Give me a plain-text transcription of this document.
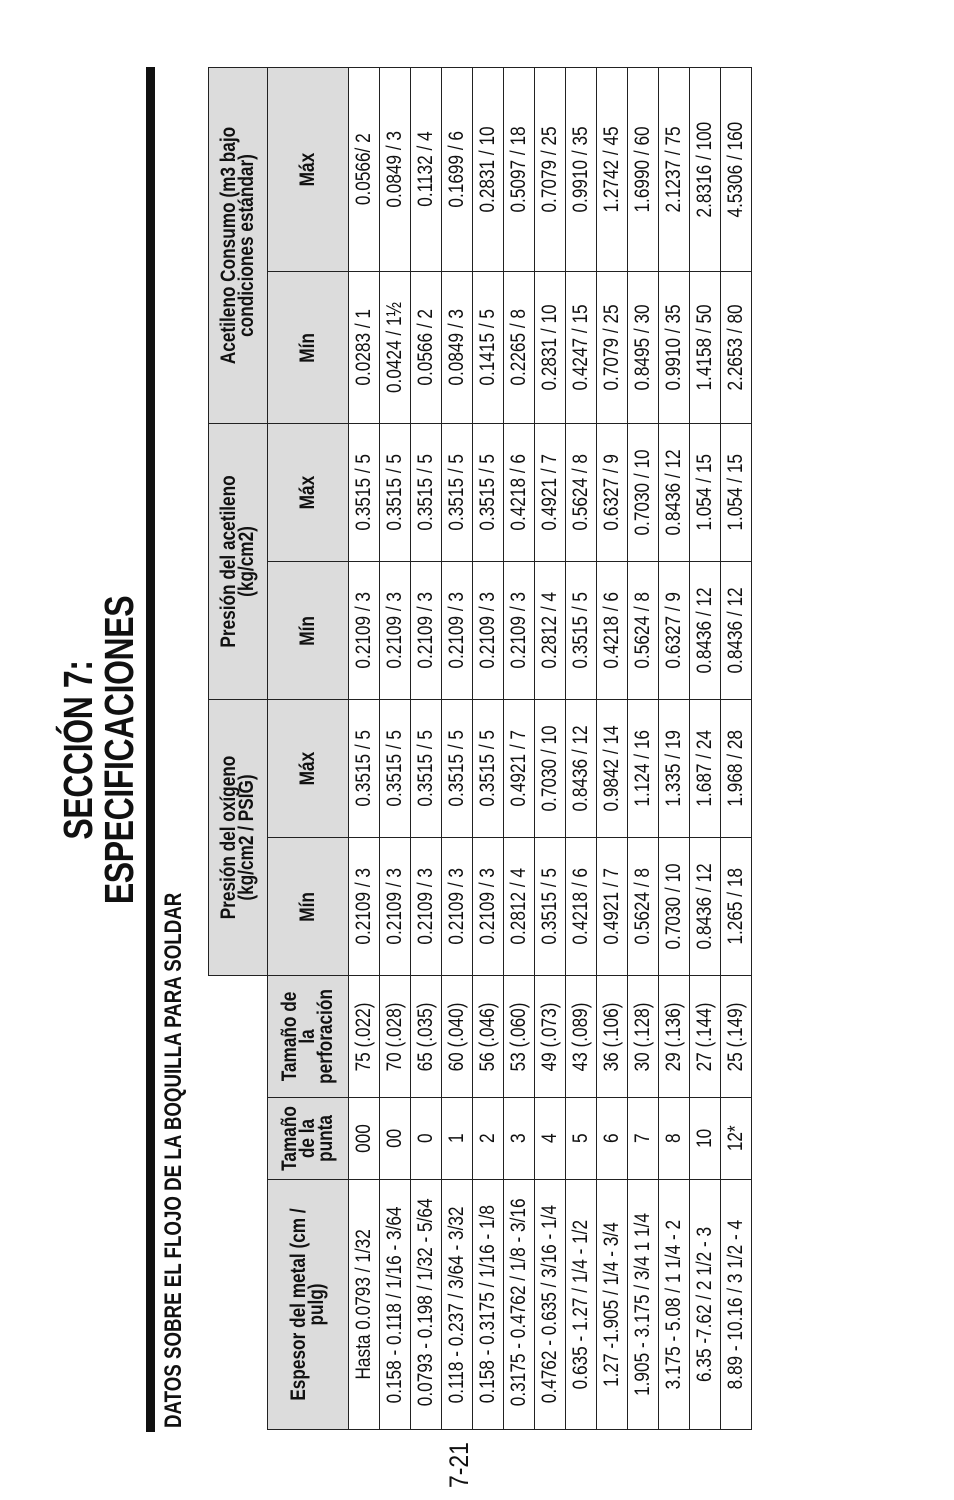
SECCIÓN 7:
ESPECIFICACIONES
DATOS SOBRE EL FLOJO DE LA BOQUILLA PARA SOLDAR
			Presión del oxígeno (kg/cm2 / PSIG)		Presión del acetileno (kg/cm2)		Acetileno Consumo (m3 bajo condiciones estándar)	
Espesor del metal (cm / pulg)	Tamaño de la punta	Tamaño de la perforación	Mín	Máx	Mín	Máx	Mín	Máx
Hasta 0.0793 / 1/32	000	75 (.022)	0.2109 / 3	0.3515 / 5	0.2109 / 3	0.3515 / 5	0.0283 / 1	0.0566/ 2
0.158 - 0.118 / 1/16 - 3/64	00	70 (.028)	0.2109 / 3	0.3515 / 5	0.2109 / 3	0.3515 / 5	0.0424 / 1½	0.0849 / 3
0.0793 - 0.198 / 1/32 - 5/64	0	65 (.035)	0.2109 / 3	0.3515 / 5	0.2109 / 3	0.3515 / 5	0.0566 / 2	0.1132 / 4
0.118 - 0.237 / 3/64 - 3/32	1	60 (.040)	0.2109 / 3	0.3515 / 5	0.2109 / 3	0.3515 / 5	0.0849 / 3	0.1699 / 6
0.158 - 0.3175 / 1/16 - 1/8	2	56 (.046)	0.2109 / 3	0.3515 / 5	0.2109 / 3	0.3515 / 5	0.1415 / 5	0.2831 / 10
0.3175 - 0.4762 / 1/8 - 3/16	3	53 (.060)	0.2812 / 4	0.4921 / 7	0.2109 / 3	0.4218 / 6	0.2265 / 8	0.5097 / 18
0.4762 - 0.635 / 3/16 - 1/4	4	49 (.073)	0.3515 / 5	0.7030 / 10	0.2812 / 4	0.4921 / 7	0.2831 / 10	0.7079 / 25
0.635 - 1.27 / 1/4 - 1/2	5	43 (.089)	0.4218 / 6	0.8436 / 12	0.3515 / 5	0.5624 / 8	0.4247 / 15	0.9910 / 35
1.27 -1.905 / 1/4 - 3/4	6	36 (.106)	0.4921 / 7	0.9842 / 14	0.4218 / 6	0.6327 / 9	0.7079 / 25	1.2742 / 45
1.905 - 3.175 / 3/4 1 1/4	7	30 (.128)	0.5624 / 8	1.124 / 16	0.5624 / 8	0.7030 / 10	0.8495 / 30	1.6990 / 60
3.175 - 5.08 / 1 1/4 - 2	8	29 (.136)	0.7030 / 10	1.335 / 19	0.6327 / 9	0.8436 / 12	0.9910 / 35	2.1237 / 75
6.35 -7.62 / 2 1/2 - 3	10	27 (.144)	0.8436 / 12	1.687 / 24	0.8436 / 12	1.054 / 15	1.4158 / 50	2.8316 / 100
8.89 - 10.16 / 3 1/2 - 4	12*	25 (.149)	1.265 / 18	1.968 / 28	0.8436 / 12	1.054 / 15	2.2653 / 80	4.5306 / 160
7-21
